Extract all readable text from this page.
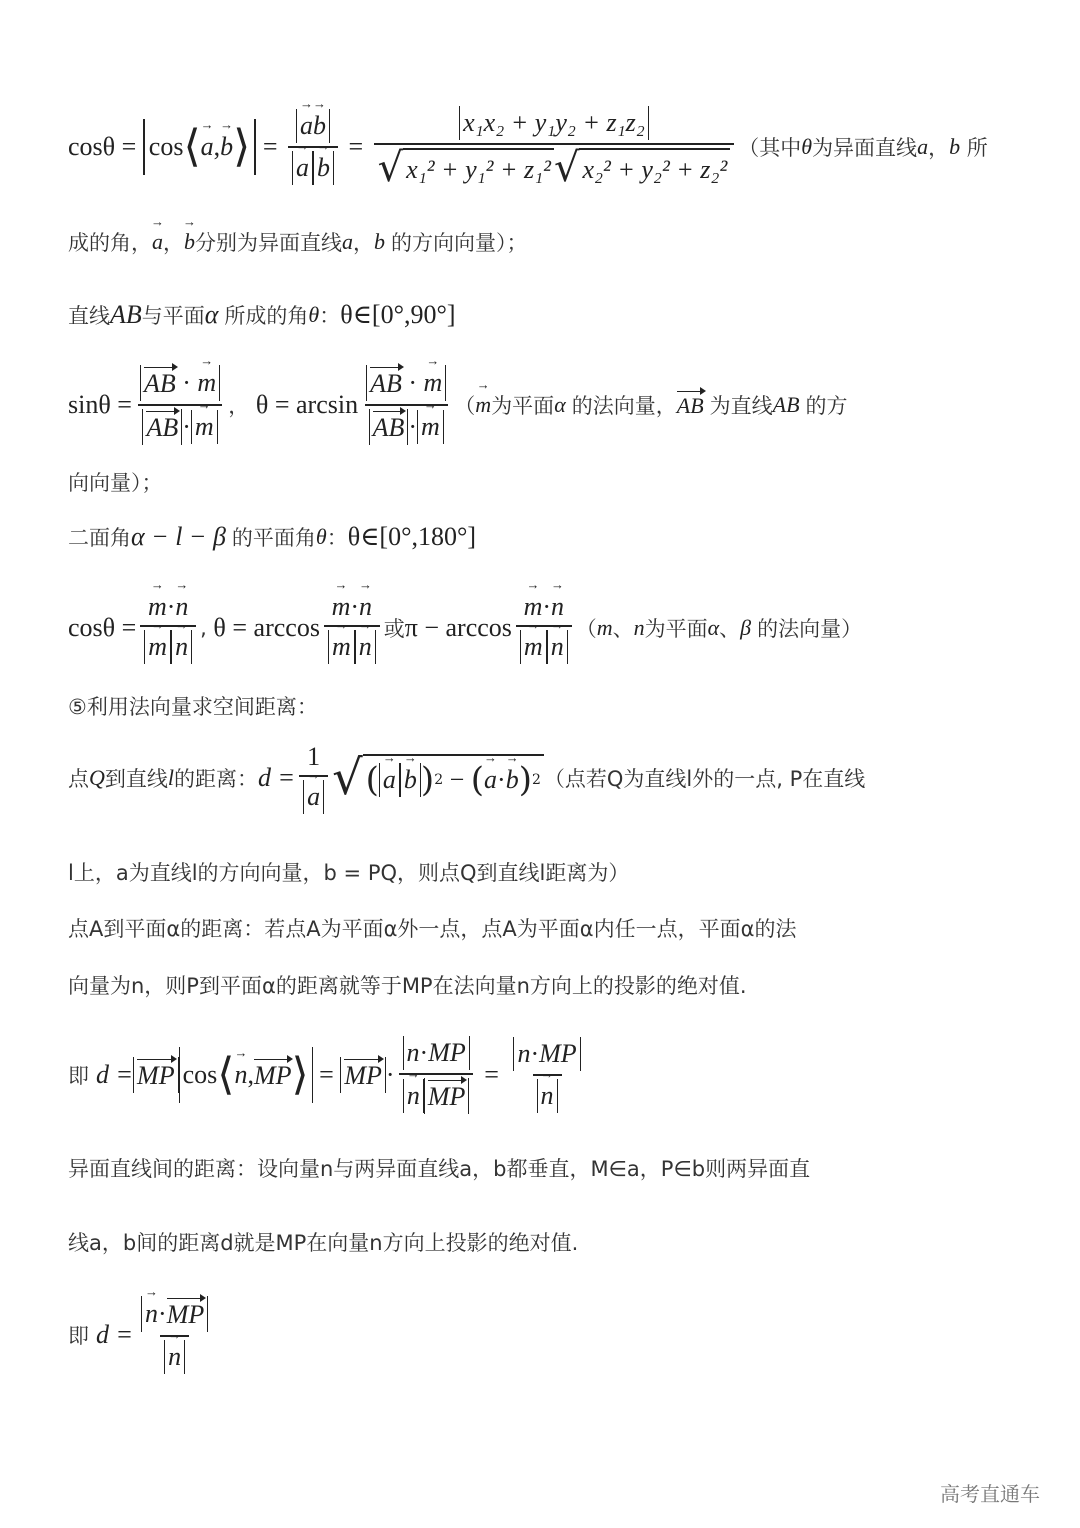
cosθ = cos ⟨ → a , → b ⟩ = → a → b
→ $a \to b = \frac{\text{x₁x₂ + y₁y₂ + z₁z₂}}{\text{√ x₁² + y₁² + z₁² √ x₂² + y₂² + z₂²}}$ （其中 θ 为异面直线 a ， b
所
成的角， → a ， → b 分别为异面直线 a ， b 的方向向量）；
直线 AB 与平面 α 所成的角 θ ： θ∈[0°,90°]
$\sin\theta = \frac{AB \cdot \to m}{AB \cdot \to m}$ ， $\theta = \arcsin \frac{AB \cdot \to m}{AB \cdot \to m}$ （ → m 为平面 α 的法向量， AB 为直线 AB 的方
向向量）；
二面角 α − l − β 的平面角 θ ： θ∈[0°,180°]
cosθ = → m · → n
→ m → n , θ = arccos → m · → n
→ m → n 或 π − arccos → m · → n
→ m → n （ m 、 n 为平面 α 、 β 的法向量）
⑤利用法向量求空间距离：
点 Q 到直线 l 的距离： d = 1
→ a √ ( → a → b ) 2 − ( → a · → b ) 2 （点若Q为直线l外的一点, P在直线
l上，a为直线l的方向向量，b = PQ，则点Q到直线l距离为）
点A到平面α的距离：若点A为平面α外一点，点A为平面α内任一点，平面α的法
向量为n，则P到平面α的距离就等于MP在法向量n方向上的投影的绝对值.
即
d = MP cos ⟨ → n , MP ⟩ = MP · n · MP
→ n MP = n · MP
→ n
异面直线间的距离：设向量n与两异面直线a，b都垂直，M∈a，P∈b则两异面直
线a，b间的距离d就是MP在向量n方向上投影的绝对值.
即
d = → n · MP
→ n
高考直通车
